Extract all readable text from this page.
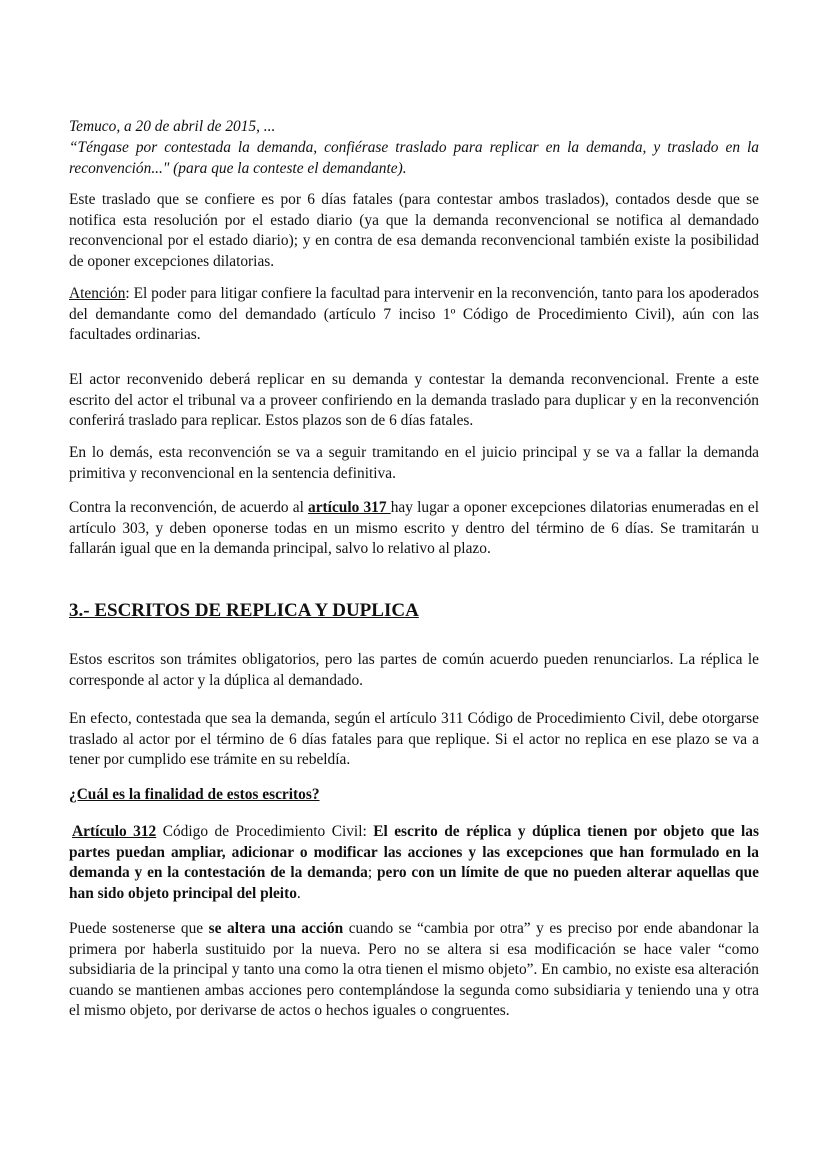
Temuco, a 20 de abril de 2015, ...

“Téngase por contestada la demanda, confiérase traslado para replicar en la demanda, y traslado en la reconvención..." (para que la conteste el demandante).

Este traslado que se confiere es por 6 días fatales (para contestar ambos traslados), contados desde que se notifica esta resolución por el estado diario (ya que la demanda reconvencional se notifica al demandado reconvencional por el estado diario); y en contra de esa demanda reconvencional también existe la posibilidad de oponer excepciones dilatorias.

Atención: El poder para litigar confiere la facultad para intervenir en la reconvención, tanto para los apoderados del demandante como del demandado (artículo 7 inciso 1º Código de Procedimiento Civil), aún con las facultades ordinarias.

El actor reconvenido deberá replicar en su demanda y contestar la demanda reconvencional. Frente a este escrito del actor el tribunal va a proveer confiriendo en la demanda traslado para duplicar y en la reconvención conferirá traslado para replicar. Estos plazos son de 6 días fatales.

En lo demás, esta reconvención se va a seguir tramitando en el juicio principal y se va a fallar la demanda primitiva y reconvencional en la sentencia definitiva.

Contra la reconvención, de acuerdo al artículo 317 hay lugar a oponer excepciones dilatorias enumeradas en el artículo 303, y deben oponerse todas en un mismo escrito y dentro del término de 6 días. Se tramitarán u fallarán igual que en la demanda principal, salvo lo relativo al plazo.

3.- ESCRITOS DE REPLICA Y DUPLICA

Estos escritos son trámites obligatorios, pero las partes de común acuerdo pueden renunciarlos. La réplica le corresponde al actor y la dúplica al demandado.

En efecto, contestada que sea la demanda, según el artículo 311 Código de Procedimiento Civil, debe otorgarse traslado al actor por el término de 6 días fatales para que replique. Si el actor no replica en ese plazo se va a tener por cumplido ese trámite en su rebeldía.

¿Cuál es la finalidad de estos escritos?

Artículo 312 Código de Procedimiento Civil: El escrito de réplica y dúplica tienen por objeto que las partes puedan ampliar, adicionar o modificar las acciones y las excepciones que han formulado en la demanda y en la contestación de la demanda; pero con un límite de que no pueden alterar aquellas que han sido objeto principal del pleito.

Puede sostenerse que se altera una acción cuando se “cambia por otra” y es preciso por ende abandonar la primera por haberla sustituido por la nueva. Pero no se altera si esa modificación se hace valer “como subsidiaria de la principal y tanto una como la otra tienen el mismo objeto”. En cambio, no existe esa alteración cuando se mantienen ambas acciones pero contemplándose la segunda como subsidiaria y teniendo una y otra el mismo objeto, por derivarse de actos o hechos iguales o congruentes.
